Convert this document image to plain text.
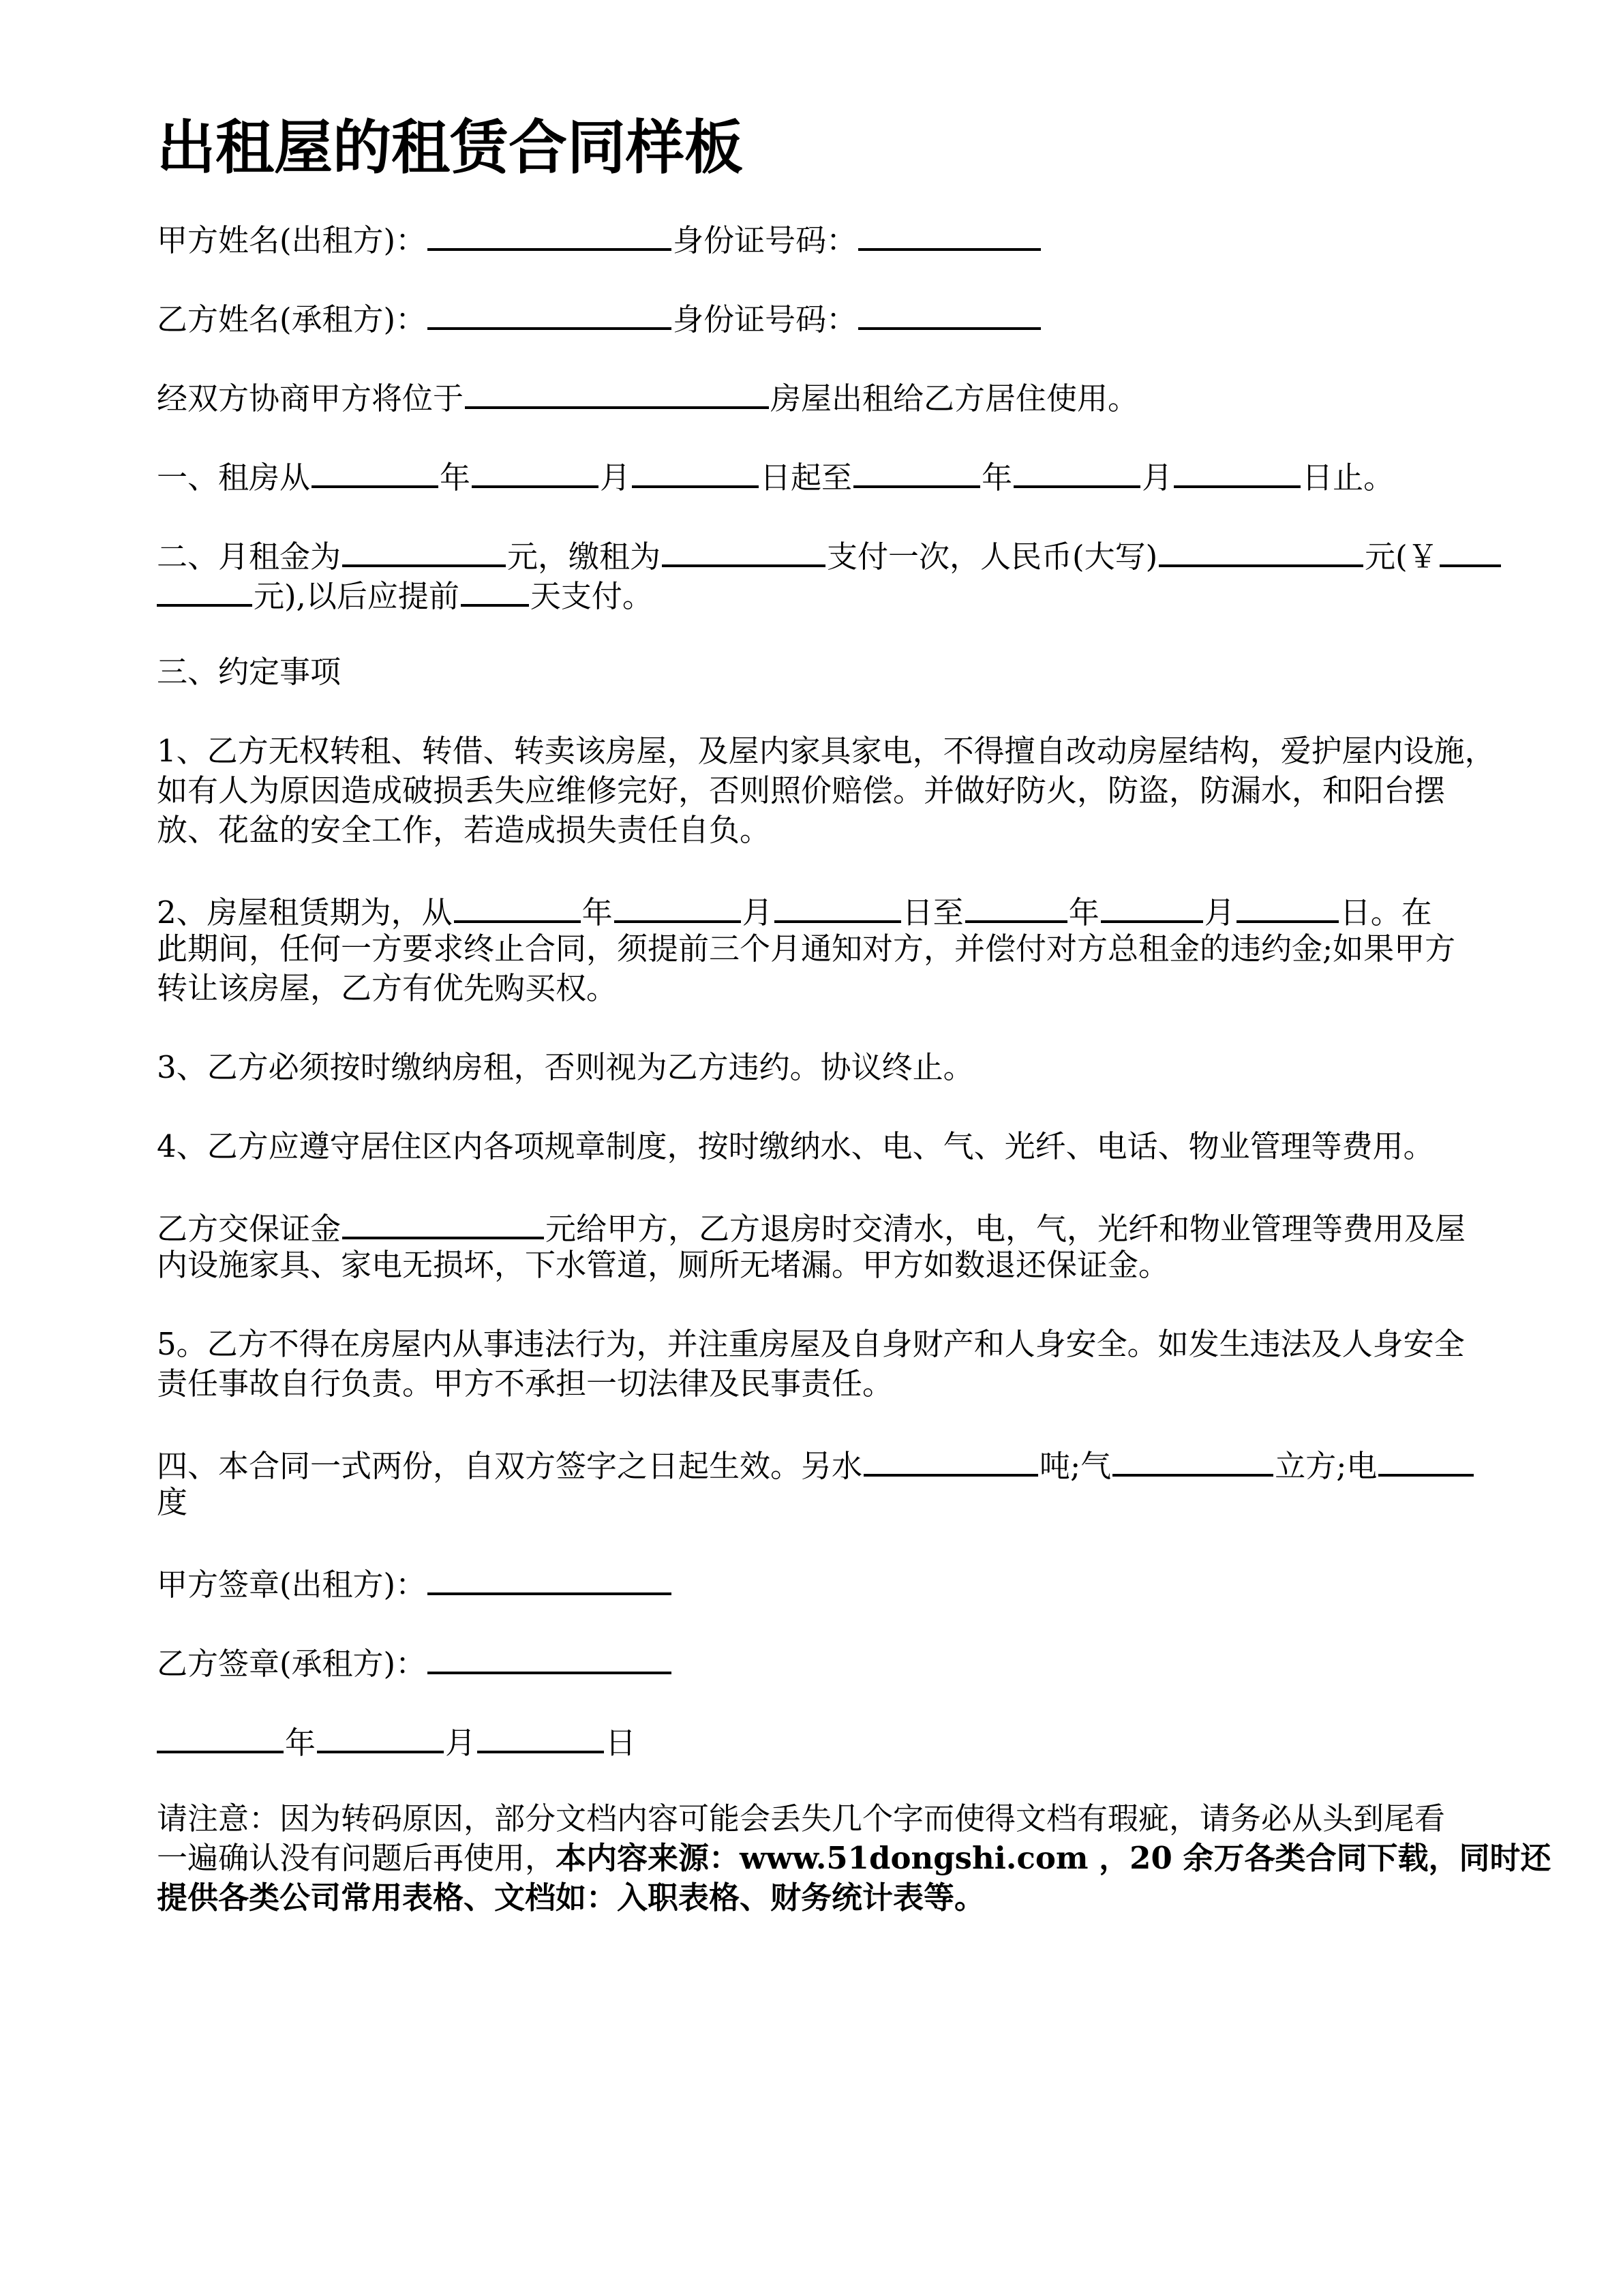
出租屋的租赁合同样板
甲方姓名(出租方)：	身份证号码：
乙方姓名(承租方)：	身份证号码：
经双方协商甲方将位于	房屋出租给乙方居住使用。
一、租房从	年	月	日起至	年	月	日止。
二、月租金为	元，缴租为	支付一次，人民币(大写)	元(￥
元),以后应提前 天支付。
三、约定事项
1、乙方无权转租、转借、转卖该房屋，及屋内家具家电，不得擅自改动房屋结构，爱护屋内设施，
如有人为原因造成破损丢失应维修完好，否则照价赔偿。并做好防火，防盗，防漏水，和阳台摆
放、花盆的安全工作，若造成损失责任自负。
2、房屋租赁期为，从	年	月	日至	年	月	日。在
此期间，任何一方要求终止合同，须提前三个月通知对方，并偿付对方总租金的违约金;如果甲方
转让该房屋，乙方有优先购买权。
3、乙方必须按时缴纳房租，否则视为乙方违约。协议终止。
4、乙方应遵守居住区内各项规章制度，按时缴纳水、电、气、光纤、电话、物业管理等费用。
乙方交保证金	元给甲方，乙方退房时交清水，电，气，光纤和物业管理等费用及屋
内设施家具、家电无损坏，下水管道，厕所无堵漏。甲方如数退还保证金。
5。乙方不得在房屋内从事违法行为，并注重房屋及自身财产和人身安全。如发生违法及人身安全
责任事故自行负责。甲方不承担一切法律及民事责任。
四、本合同一式两份，自双方签字之日起生效。另水	吨;气	立方;电
度
甲方签章(出租方)：
乙方签章(承租方)：
年	月	日
请注意：因为转码原因，部分文档内容可能会丢失几个字而使得文档有瑕疵，请务必从头到尾看
一遍确认没有问题后再使用，本内容来源：www.51dongshi.com ，20 余万各类合同下载，同时还
提供各类公司常用表格、文档如：入职表格、财务统计表等。
